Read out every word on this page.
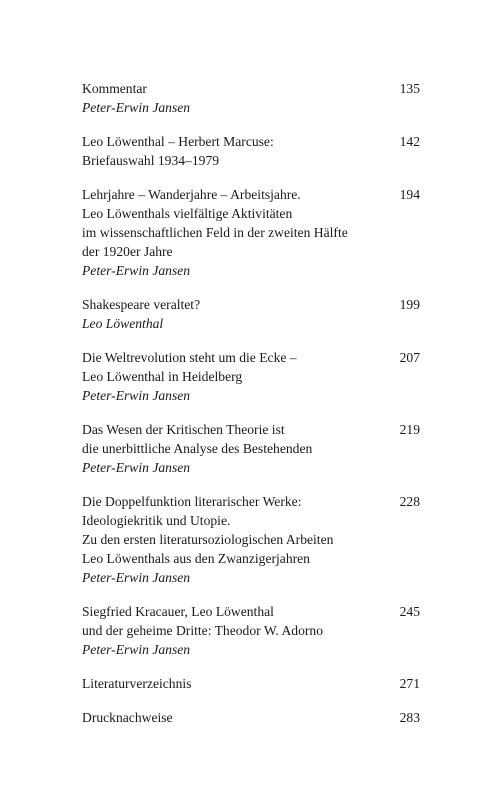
Kommentar
Peter-Erwin Jansen
135
Leo Löwenthal – Herbert Marcuse:
Briefauswahl 1934–1979
142
Lehrjahre – Wanderjahre – Arbeitsjahre.
Leo Löwenthals vielfältige Aktivitäten
im wissenschaftlichen Feld in der zweiten Hälfte
der 1920er Jahre
Peter-Erwin Jansen
194
Shakespeare veraltet?
Leo Löwenthal
199
Die Weltrevolution steht um die Ecke –
Leo Löwenthal in Heidelberg
Peter-Erwin Jansen
207
Das Wesen der Kritischen Theorie ist
die unerbittliche Analyse des Bestehenden
Peter-Erwin Jansen
219
Die Doppelfunktion literarischer Werke:
Ideologiekritik und Utopie.
Zu den ersten literatursoziologischen Arbeiten
Leo Löwenthals aus den Zwanzigerjahren
Peter-Erwin Jansen
228
Siegfried Kracauer, Leo Löwenthal
und der geheime Dritte: Theodor W. Adorno
Peter-Erwin Jansen
245
Literaturverzeichnis	271
Drucknachweise	283
